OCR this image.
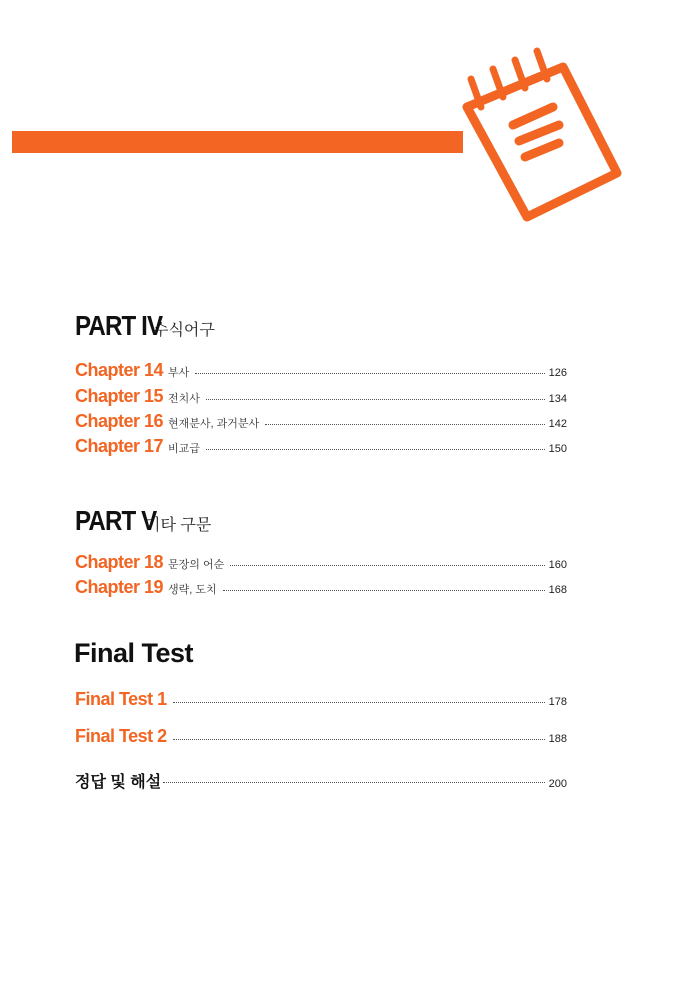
PART IV
수식어구
Chapter 14 부사	126
Chapter 15 전치사	134
Chapter 16 현재분사, 과거분사	142
Chapter 17 비교급	150
PART V
기타 구문
Chapter 18 문장의 어순	160
Chapter 19 생략, 도치	168
Final Test
Final Test 1	178
Final Test 2	188
정답 및 해설	200
